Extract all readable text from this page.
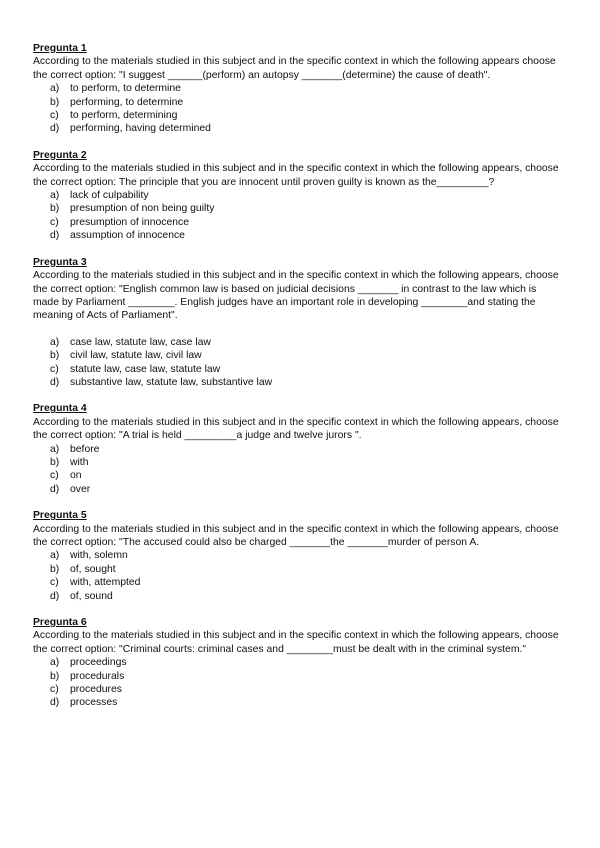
Pregunta 1
According to the materials studied in this subject and in the specific context in which the following appears choose the correct option: "I suggest ______(perform) an autopsy _______(determine) the cause of death".
a)	to perform, to determine
b)	performing, to determine
c)	to perform, determining
d)	performing, having determined
Pregunta 2
According to the materials studied in this subject and in the specific context in which the following appears, choose the correct option: The principle that you are innocent until proven guilty is known as the_________?
a)	lack of culpability
b)	presumption of non being guilty
c)	presumption of innocence
d)	assumption of innocence
Pregunta 3
According to the materials studied in this subject and in the specific context in which the following appears, choose the correct option: "English common law is based on judicial decisions _______ in contrast to the law which is made by Parliament ________. English judges have an important role in developing ________and stating the meaning of Acts of Parliament".
a)	case law, statute law, case law
b)	civil law, statute law, civil law
c)	statute law, case law, statute law
d)	substantive law, statute law, substantive law
Pregunta 4
According to the materials studied in this subject and in the specific context in which the following appears, choose the correct option: "A trial is held _________a judge and twelve jurors ".
a)	before
b)	with
c)	on
d)	over
Pregunta 5
According to the materials studied in this subject and in the specific context in which the following appears, choose the correct option: "The accused could also be charged _______the _______murder of person A.
a)	with, solemn
b)	of, sought
c)	with, attempted
d)	of, sound
Pregunta 6
According to the materials studied in this subject and in the specific context in which the following appears, choose the correct option: "Criminal courts: criminal cases and ________must be dealt with in the criminal system."
a)	proceedings
b)	procedurals
c)	procedures
d)	processes
